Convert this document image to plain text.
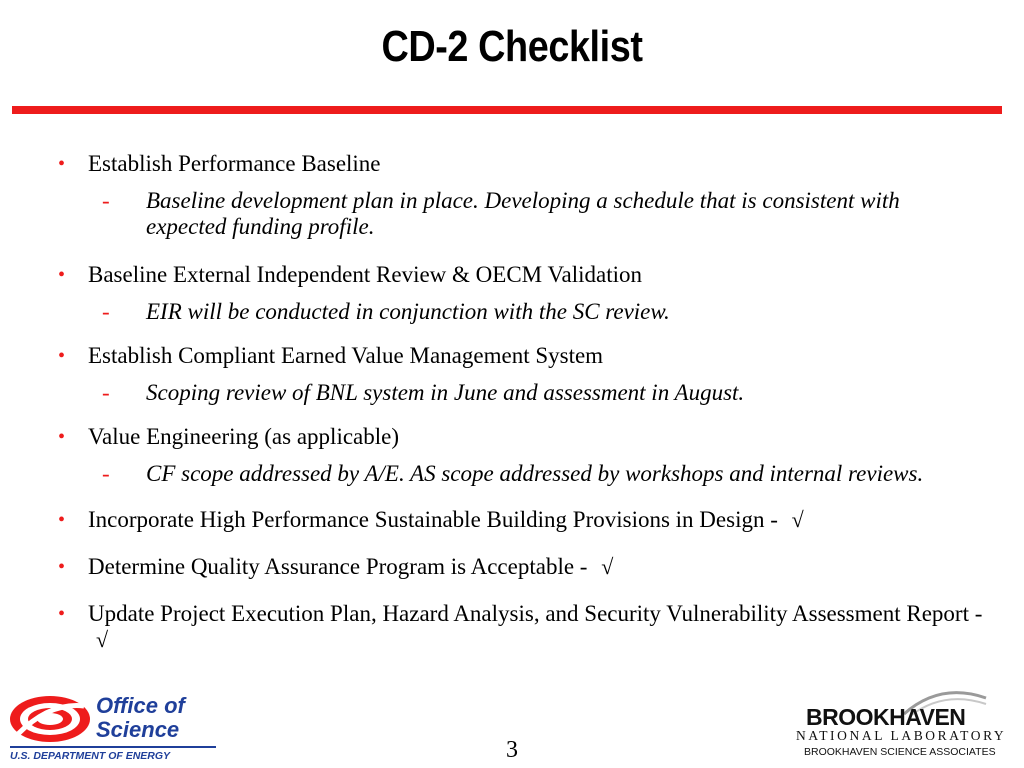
CD-2 Checklist
• Establish Performance Baseline
- Baseline development plan in place. Developing a schedule that is consistent with expected funding profile.
• Baseline External Independent Review & OECM Validation
- EIR will be conducted in conjunction with the SC review.
• Establish Compliant Earned Value Management System
- Scoping review of BNL system in June and assessment in August.
• Value Engineering (as applicable)
- CF scope addressed by A/E. AS scope addressed by workshops and internal reviews.
• Incorporate High Performance Sustainable Building Provisions in Design - √
• Determine Quality Assurance Program is Acceptable - √
• Update Project Execution Plan, Hazard Analysis, and Security Vulnerability Assessment Report - √
Office of
Science
U.S. DEPARTMENT OF ENERGY	3
BROOKHAVEN
NATIONAL LABORATORY
BROOKHAVEN SCIENCE ASSOCIATES
